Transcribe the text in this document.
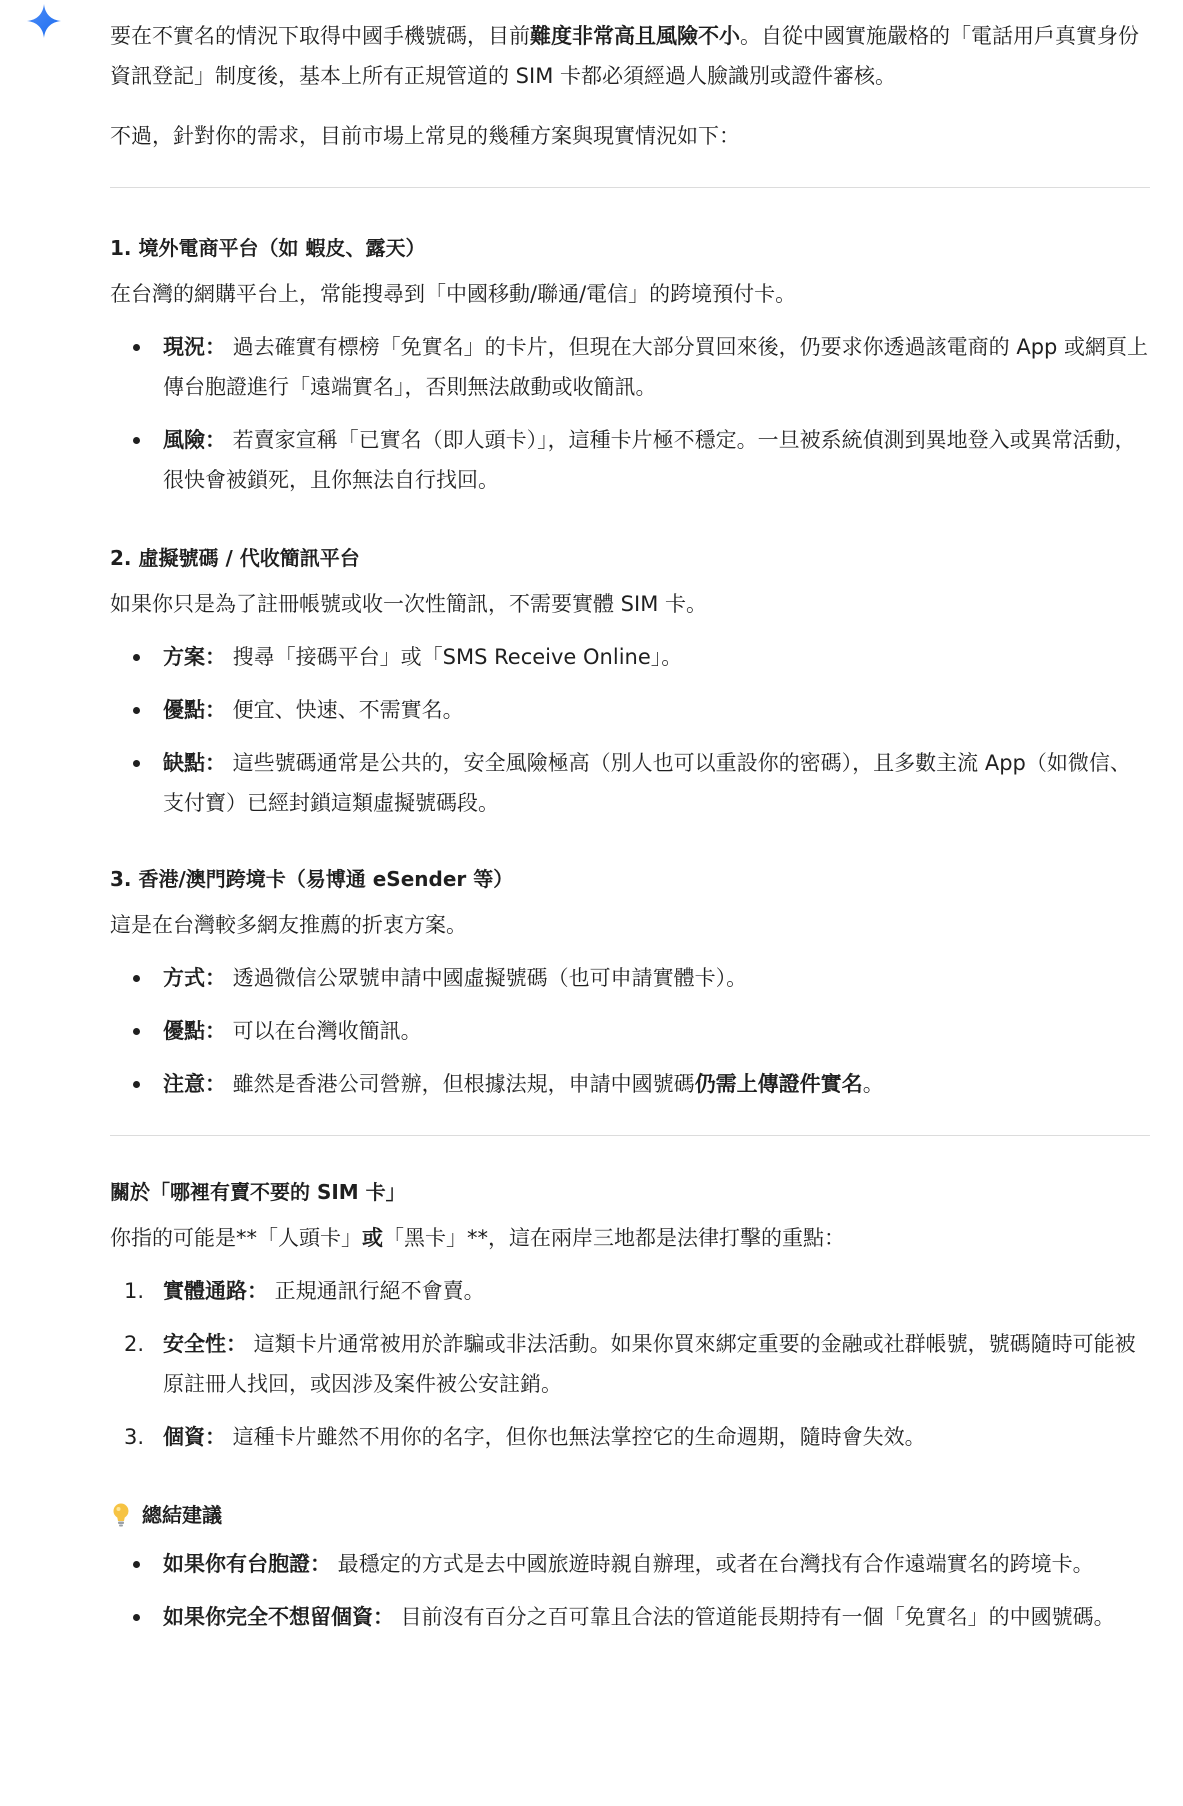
要在不實名的情況下取得中國手機號碼，目前難度非常高且風險不小。自從中國實施嚴格的「電話用戶真實身份資訊登記」制度後，基本上所有正規管道的 SIM 卡都必須經過人臉識別或證件審核。

不過，針對你的需求，目前市場上常見的幾種方案與現實情況如下：

1. 境外電商平台（如 蝦皮、露天）

在台灣的網購平台上，常能搜尋到「中國移動/聯通/電信」的跨境預付卡。

現況： 過去確實有標榜「免實名」的卡片，但現在大部分買回來後，仍要求你透過該電商的 App 或網頁上傳台胞證進行「遠端實名」，否則無法啟動或收簡訊。
風險： 若賣家宣稱「已實名（即人頭卡）」，這種卡片極不穩定。一旦被系統偵測到異地登入或異常活動，很快會被鎖死，且你無法自行找回。
2. 虛擬號碼 / 代收簡訊平台

如果你只是為了註冊帳號或收一次性簡訊，不需要實體 SIM 卡。

方案： 搜尋「接碼平台」或「SMS Receive Online」。
優點： 便宜、快速、不需實名。
缺點： 這些號碼通常是公共的，安全風險極高（別人也可以重設你的密碼），且多數主流 App（如微信、支付寶）已經封鎖這類虛擬號碼段。
3. 香港/澳門跨境卡（易博通 eSender 等）

這是在台灣較多網友推薦的折衷方案。

方式： 透過微信公眾號申請中國虛擬號碼（也可申請實體卡）。
優點： 可以在台灣收簡訊。
注意： 雖然是香港公司營辦，但根據法規，申請中國號碼仍需上傳證件實名。
關於「哪裡有賣不要的 SIM 卡」

你指的可能是**「人頭卡」或「黑卡」**，這在兩岸三地都是法律打擊的重點：

1. 實體通路： 正規通訊行絕不會賣。
2. 安全性： 這類卡片通常被用於詐騙或非法活動。如果你買來綁定重要的金融或社群帳號，號碼隨時可能被原註冊人找回，或因涉及案件被公安註銷。
3. 個資： 這種卡片雖然不用你的名字，但你也無法掌控它的生命週期，隨時會失效。
總結建議
如果你有台胞證： 最穩定的方式是去中國旅遊時親自辦理，或者在台灣找有合作遠端實名的跨境卡。
如果你完全不想留個資： 目前沒有百分之百可靠且合法的管道能長期持有一個「免實名」的中國號碼。
